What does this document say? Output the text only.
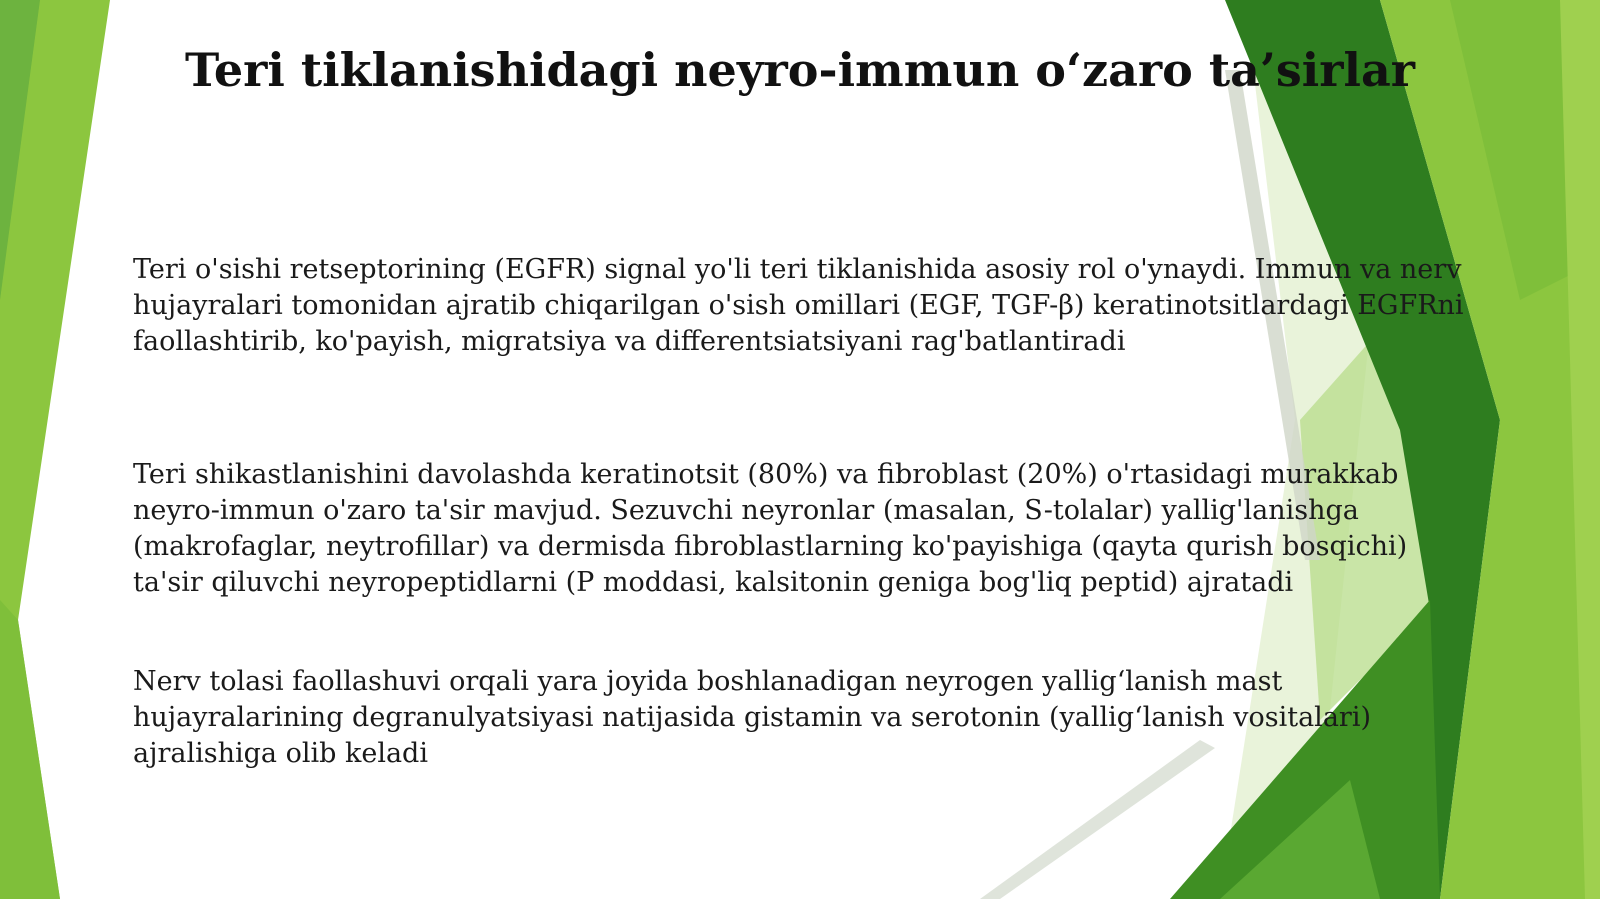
Teri tiklanishidagi neyro-immun o‘zaro ta’sirlar

Teri o'sishi retseptorining (EGFR) signal yo'li teri tiklanishida asosiy rol o'ynaydi. Immun va nerv hujayralari tomonidan ajratib chiqarilgan o'sish omillari (EGF, TGF-β) keratinotsitlardagi EGFRni faollashtirib, ko'payish, migratsiya va differentsiatsiyani rag'batlantiradi

Teri shikastlanishini davolashda keratinotsit (80%) va fibroblast (20%) o'rtasidagi murakkab neyro-immun o'zaro ta'sir mavjud. Sezuvchi neyronlar (masalan, S-tolalar) yallig'lanishga (makrofaglar, neytrofillar) va dermisda fibroblastlarning ko'payishiga (qayta qurish bosqichi) ta'sir qiluvchi neyropeptidlarni (P moddasi, kalsitonin geniga bog'liq peptid) ajratadi

Nerv tolasi faollashuvi orqali yara joyida boshlanadigan neyrogen yallig‘lanish mast hujayralarining degranulyatsiyasi natijasida gistamin va serotonin (yallig‘lanish vositalari) ajralishiga olib keladi
